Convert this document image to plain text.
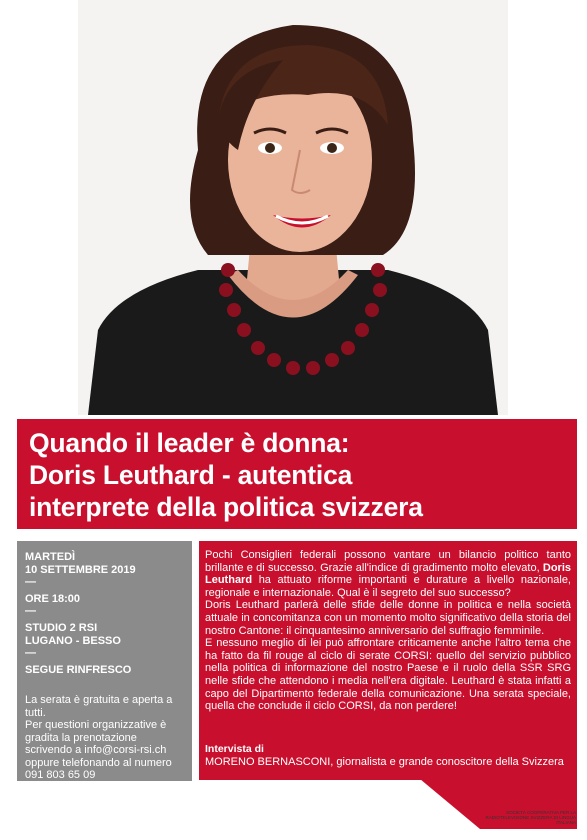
Quando il leader è donna:
Doris Leuthard - autentica
interprete della politica svizzera
MARTEDÌ
10 SETTEMBRE 2019
—
ORE 18:00
—
STUDIO 2 RSI
LUGANO - BESSO
—
SEGUE RINFRESCO
La serata è gratuita e aperta a tutti.
Per questioni organizzative è gradita la prenotazione scrivendo a info@corsi-rsi.ch oppure telefonando al numero
091 803 65 09

Pochi Consiglieri federali possono vantare un bilancio politico tanto brillante e di successo. Grazie all'indice di gradimento molto elevato, Doris Leuthard ha attuato riforme importanti e durature a livello nazionale, regionale e internazionale. Qual è il segreto del suo successo?

Doris Leuthard parlerà delle sfide delle donne in politica e nella società attuale in concomitanza con un momento molto significativo della storia del nostro Cantone: il cinquantesimo anniversario del suffragio femminile.

E nessuno meglio di lei può affrontare criticamente anche l'altro tema che ha fatto da fil rouge al ciclo di serate CORSI: quello del servizio pubblico nella politica di informazione del nostro Paese e il ruolo della SSR SRG nelle sfide che attendono i media nell'era digitale. Leuthard è stata infatti a capo del Dipartimento federale della comunicazione. Una serata speciale, quella che conclude il ciclo CORSI, da non perdere!

Intervista di
MORENO BERNASCONI, giornalista e grande conoscitore della Svizzera
CORSI
SOCIETÀ COOPERATIVA PER LA RADIOTELEVISIONE SVIZZERA DI LINGUA ITALIANA
